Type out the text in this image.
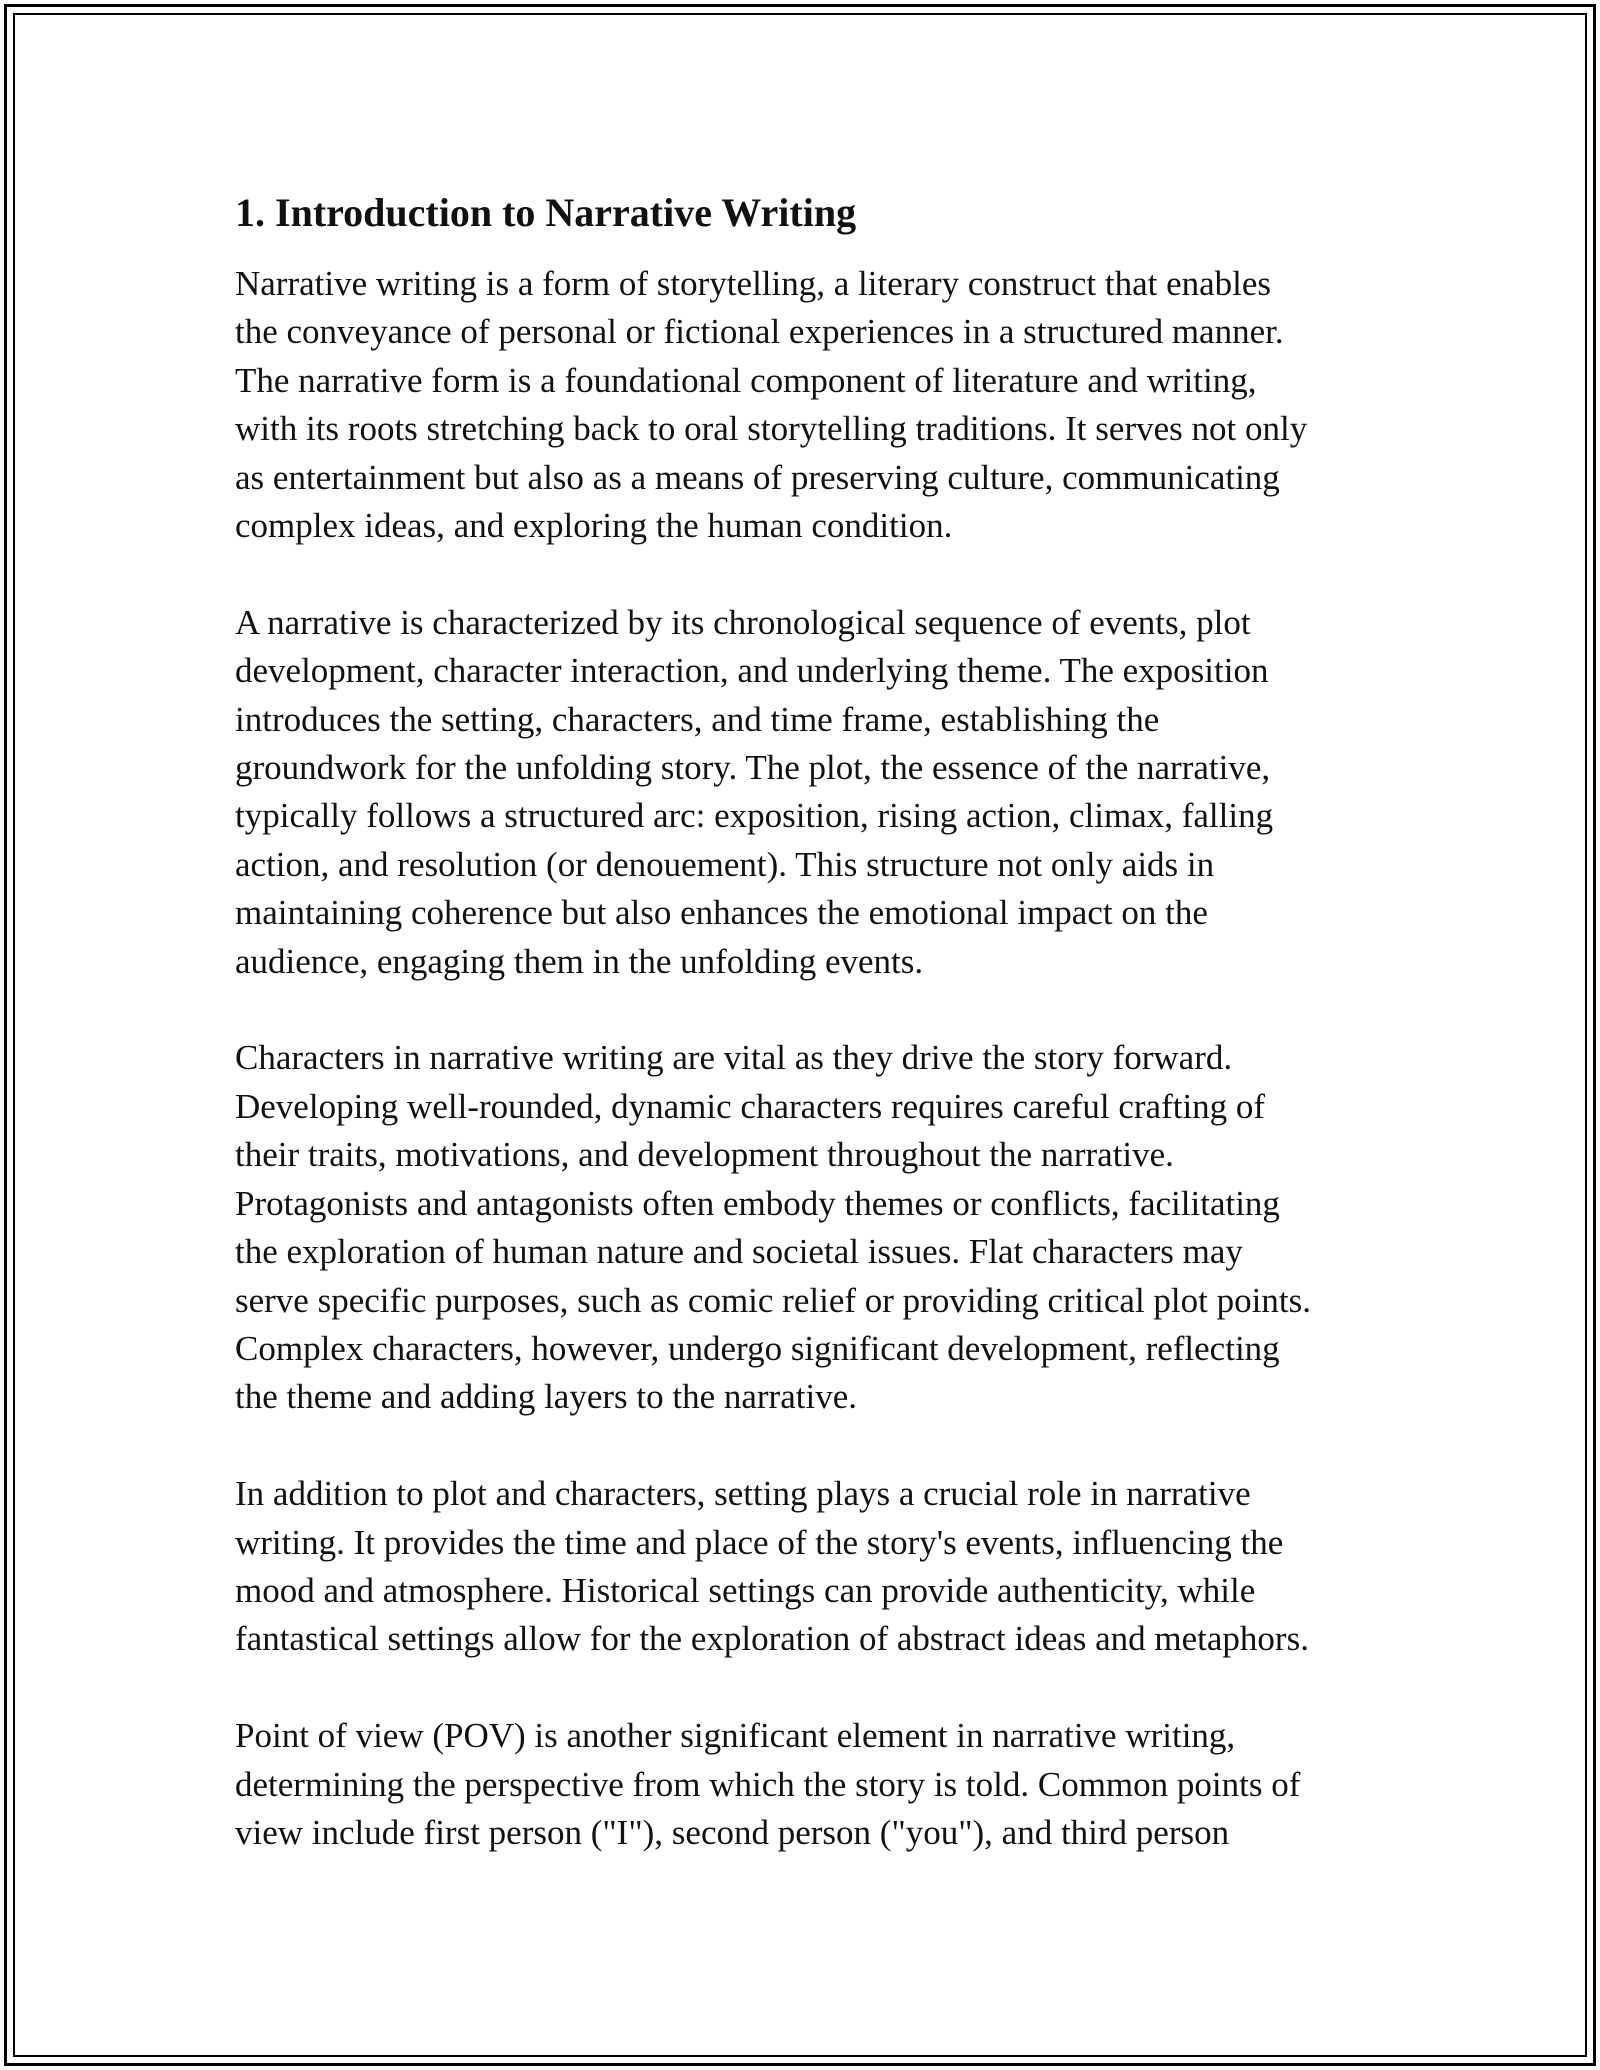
1. Introduction to Narrative Writing

Narrative writing is a form of storytelling, a literary construct that enables
the conveyance of personal or fictional experiences in a structured manner.
The narrative form is a foundational component of literature and writing,
with its roots stretching back to oral storytelling traditions. It serves not only
as entertainment but also as a means of preserving culture, communicating
complex ideas, and exploring the human condition.

A narrative is characterized by its chronological sequence of events, plot
development, character interaction, and underlying theme. The exposition
introduces the setting, characters, and time frame, establishing the
groundwork for the unfolding story. The plot, the essence of the narrative,
typically follows a structured arc: exposition, rising action, climax, falling
action, and resolution (or denouement). This structure not only aids in
maintaining coherence but also enhances the emotional impact on the
audience, engaging them in the unfolding events.

Characters in narrative writing are vital as they drive the story forward.
Developing well-rounded, dynamic characters requires careful crafting of
their traits, motivations, and development throughout the narrative.
Protagonists and antagonists often embody themes or conflicts, facilitating
the exploration of human nature and societal issues. Flat characters may
serve specific purposes, such as comic relief or providing critical plot points.
Complex characters, however, undergo significant development, reflecting
the theme and adding layers to the narrative.

In addition to plot and characters, setting plays a crucial role in narrative
writing. It provides the time and place of the story's events, influencing the
mood and atmosphere. Historical settings can provide authenticity, while
fantastical settings allow for the exploration of abstract ideas and metaphors.

Point of view (POV) is another significant element in narrative writing,
determining the perspective from which the story is told. Common points of
view include first person ("I"), second person ("you"), and third person
